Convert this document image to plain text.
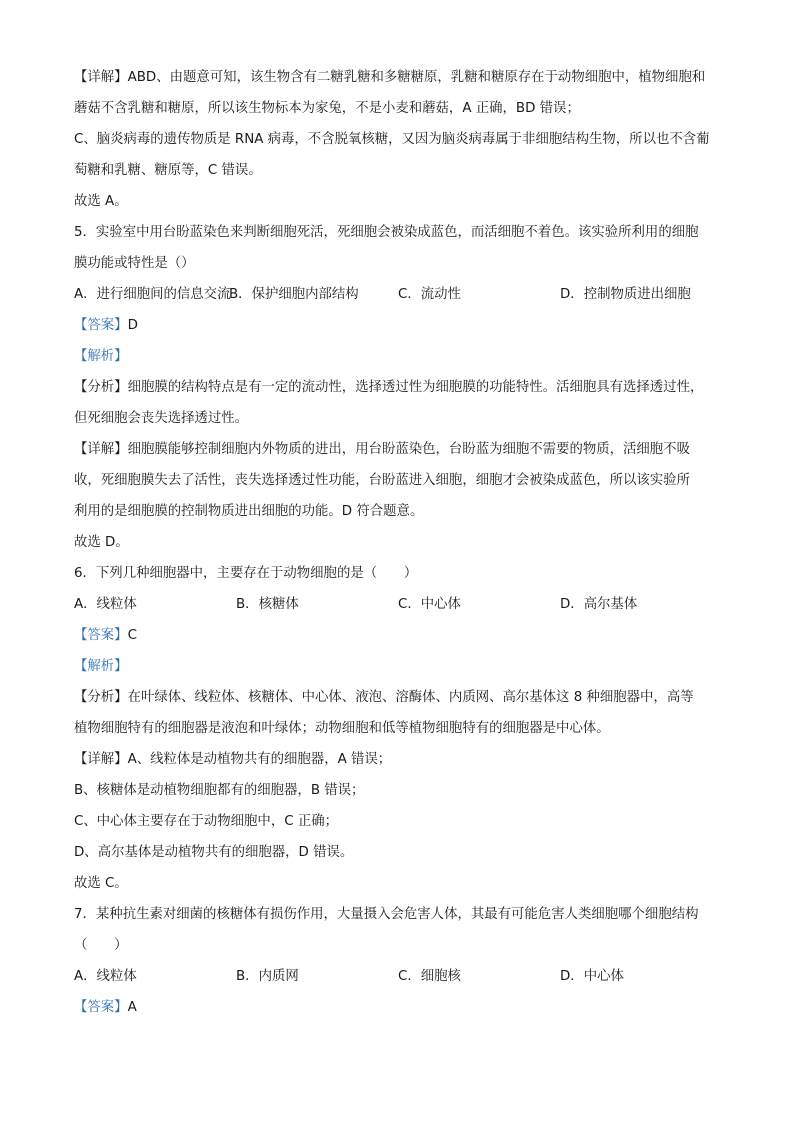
【详解】ABD、由题意可知，该生物含有二糖乳糖和多糖糖原，乳糖和糖原存在于动物细胞中，植物细胞和
蘑菇不含乳糖和糖原，所以该生物标本为家兔，不是小麦和蘑菇，A 正确，BD 错误；
C、脑炎病毒的遗传物质是 RNA 病毒，不含脱氧核糖，又因为脑炎病毒属于非细胞结构生物，所以也不含葡
萄糖和乳糖、糖原等，C 错误。
故选 A。
5．实验室中用台盼蓝染色来判断细胞死活，死细胞会被染成蓝色，而活细胞不着色。该实验所利用的细胞
膜功能或特性是（）
A．进行细胞间的信息交流
B．保护细胞内部结构	C．流动性	D．控制物质进出细胞
【答案】D
【解析】
【分析】细胞膜的结构特点是有一定的流动性，选择透过性为细胞膜的功能特性。活细胞具有选择透过性，
但死细胞会丧失选择透过性。
【详解】细胞膜能够控制细胞内外物质的进出，用台盼蓝染色，台盼蓝为细胞不需要的物质，活细胞不吸
收，死细胞膜失去了活性，丧失选择透过性功能，台盼蓝进入细胞，细胞才会被染成蓝色，所以该实验所
利用的是细胞膜的控制物质进出细胞的功能。D 符合题意。
故选 D。
6．下列几种细胞器中，主要存在于动物细胞的是（　　）
A．线粒体	B．核糖体	C．中心体	D．高尔基体
【答案】C
【解析】
【分析】在叶绿体、线粒体、核糖体、中心体、液泡、溶酶体、内质网、高尔基体这 8 种细胞器中，高等
植物细胞特有的细胞器是液泡和叶绿体；动物细胞和低等植物细胞特有的细胞器是中心体。
【详解】A、线粒体是动植物共有的细胞器，A 错误；
B、核糖体是动植物细胞都有的细胞器，B 错误；
C、中心体主要存在于动物细胞中，C 正确；
D、高尔基体是动植物共有的细胞器，D 错误。
故选 C。
7．某种抗生素对细菌的核糖体有损伤作用，大量摄入会危害人体，其最有可能危害人类细胞哪个细胞结构
（　　）
A．线粒体	B．内质网	C．细胞核	D．中心体
【答案】A
